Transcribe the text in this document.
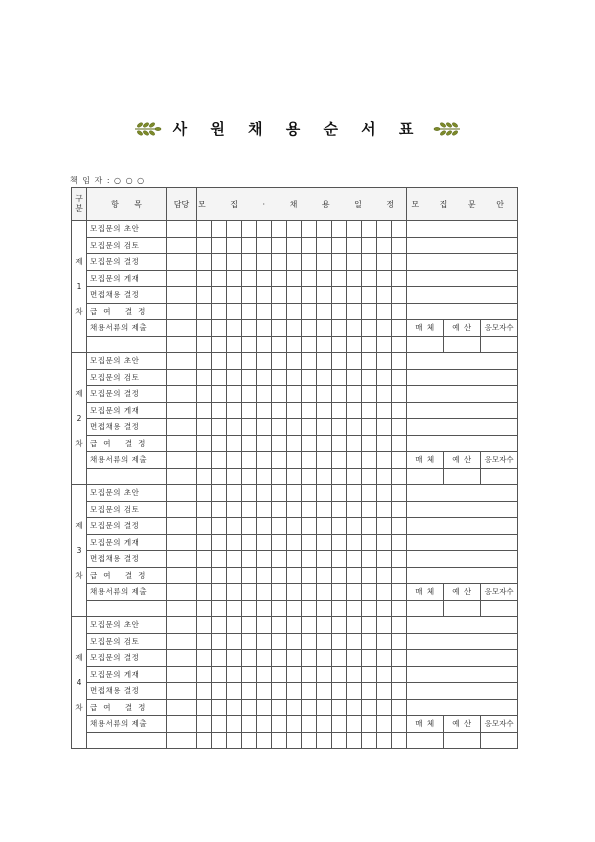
사 원 채 용 순 서 표
책 임 자 : ○ ○ ○
구분	항      목	담당	모 집 · 채 용 일 정														모 집 문 안		
제 1 차	모집문의 초안																		
	모집문의 검토																		
	모집문의 결정																		
	모집문의 게재																		
	면접채용 결정																		
	급여 결정																		
	채용서류의 제출																매 체	예 산	응모자수

제 2 차	모집문의 초안																		
	모집문의 검토																		
	모집문의 결정																		
	모집문의 게재																		
	면접채용 결정																		
	급여 결정																		
	채용서류의 제출																매 체	예 산	응모자수

제 3 차	모집문의 초안																		
	모집문의 검토																		
	모집문의 결정																		
	모집문의 게재																		
	면접채용 결정																		
	급여 결정																		
	채용서류의 제출																매 체	예 산	응모자수

제 4 차	모집문의 초안																		
	모집문의 검토																		
	모집문의 결정																		
	모집문의 게재																		
	면접채용 결정																		
	급여 결정																		
	채용서류의 제출																매 체	예 산	응모자수
